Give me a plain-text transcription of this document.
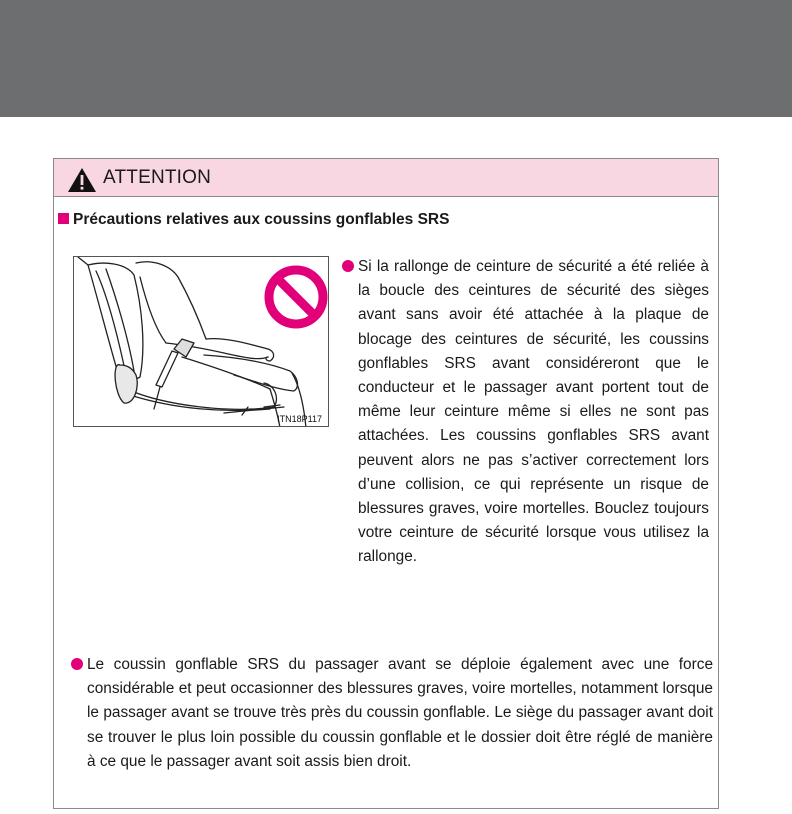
ATTENTION
Précautions relatives aux coussins gonflables SRS
ITN18P117
Si la rallonge de ceinture de sécurité a été reliée à la boucle des ceintures de sécurité des sièges avant sans avoir été attachée à la plaque de blocage des ceintures de sécurité, les coussins gonflables SRS avant considéreront que le conducteur et le passager avant portent tout de même leur ceinture même si elles ne sont pas attachées. Les coussins gonflables SRS avant peuvent alors ne pas s’activer correctement lors d’une collision, ce qui représente un risque de blessures graves, voire mortelles. Bouclez toujours votre ceinture de sécurité lorsque vous utilisez la rallonge.
Le coussin gonflable SRS du passager avant se déploie également avec une force considérable et peut occasionner des blessures graves, voire mortelles, notamment lorsque le passager avant se trouve très près du coussin gonflable. Le siège du passager avant doit se trouver le plus loin possible du coussin gonflable et le dossier doit être réglé de manière à ce que le passager avant soit assis bien droit.
